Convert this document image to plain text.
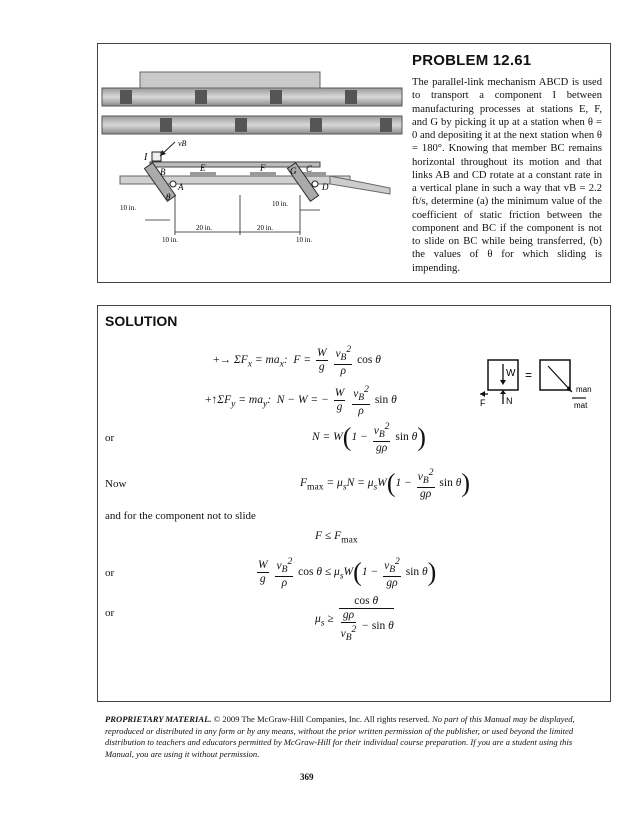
I
E	F	G
A
B	C
D
vB
θ
10 in.
20 in.	20 in.
10 in.
10 in.	10 in.
PROBLEM 12.61

The parallel-link mechanism ABCD is used to transport a component I between manufacturing processes at stations E, F, and G by picking it up at a station when θ = 0 and depositing it at the next station when θ = 180°. Knowing that member BC remains horizontal throughout its motion and that links AB and CD rotate at a constant rate in a vertical plane in such a way that vB = 2.2 ft/s, determine (a) the minimum value of the coefficient of static friction between the component and BC if the component is not to slide on BC while being transferred, (b) the values of θ for which sliding is impending.

SOLUTION
+→ $\Sigma F_x = ma_x$:  $F = \frac{W}{g}$
$\frac{v_B^2}{\rho}$ cos θ
$+↑\Sigma F_y = ma_y$:  N − W = − $\frac{W}{g}$
$\frac{v_B^2}{\rho}$ sin θ
W =
F N
man
mat
or	$N = W(1 - \frac{v_B^2}{g\rho}$ sin θ)
Now	$F_{max} = \mu_sN = \mu_sW(1 - \frac{v_B^2}{g\rho}$ sin θ)
and for the component not to slide
$F \le F_{max}$
or	$\frac{W}{g}$
$\frac{v_B^2}{\rho}$ $\cos \theta \le \mu_sW(1 - \frac{v_B^2}{g\rho}$ sin θ)
or
$\mu_s$ ≥
cos θ
$\frac{g\rho}{v_B^2} - \sin \theta$
PROPRIETARY MATERIAL. © 2009 The McGraw-Hill Companies, Inc. All rights reserved. No part of this Manual may be displayed, reproduced or distributed in any form or by any means, without the prior written permission of the publisher, or used beyond the limited distribution to teachers and educators permitted by McGraw-Hill for their individual course preparation. If you are a student using this Manual, you are using it without permission.
369
